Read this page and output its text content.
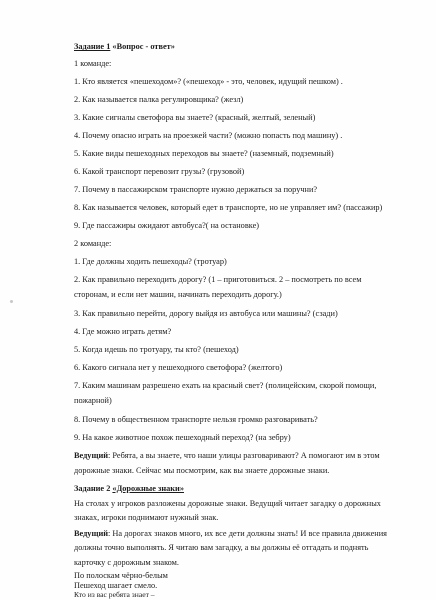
Задание 1 «Вопрос - ответ»
1 команде:
1. Кто является «пешеходом»? («пешеход» - это, человек, идущий пешком) .
2. Как называется палка регулировщика? (жезл)
3. Какие сигналы светофора вы знаете? (красный, желтый, зеленый)
4. Почему опасно играть на проезжей части? (можно попасть под машину) .
5. Какие виды пешеходных переходов вы знаете? (наземный, подземный)
6. Какой транспорт перевозит грузы? (грузовой)
7. Почему в пассажирском транспорте нужно держаться за поручни?
8. Как называется человек, который едет в транспорте, но не управляет им? (пассажир)
9. Где пассажиры ожидают автобуса?( на остановке)
2 команде:
1. Где должны ходить пешеходы? (тротуар)
2. Как правильно переходить дорогу? (1 – приготовиться. 2 – посмотреть по всем
сторонам, и если нет машин, начинать переходить дорогу.)
3. Как правильно перейти, дорогу выйдя из автобуса или машины? (сзади)
4. Где можно играть детям?
5. Когда идешь по тротуару, ты кто? (пешеход)
6. Какого сигнала нет у пешеходного светофора? (желтого)
7. Каким машинам разрешено ехать на красный свет? (полицейским, скорой помощи,
пожарной)
8. Почему в общественном транспорте нельзя громко разговаривать?
9. На какое животное похож пешеходный переход? (на зебру)
Ведущий: Ребята, а вы знаете, что наши улицы разговаривают? А помогают им в этом
дорожные знаки. Сейчас мы посмотрим, как вы знаете дорожные знаки.
Задание 2 «Дорожные знаки»
На столах у игроков разложены дорожные знаки. Ведущий читает загадку о дорожных
знаках, игроки поднимают нужный знак.
Ведущий: На дорогах знаков много, их все дети должны знать! И все правила движения
должны точно выполнять. Я читаю вам загадку, а вы должны её отгадать и поднять
карточку с дорожным знаком.
По полоскам чёрно-белым
Пешеход шагает смело.
Кто из вас ребята знает –
